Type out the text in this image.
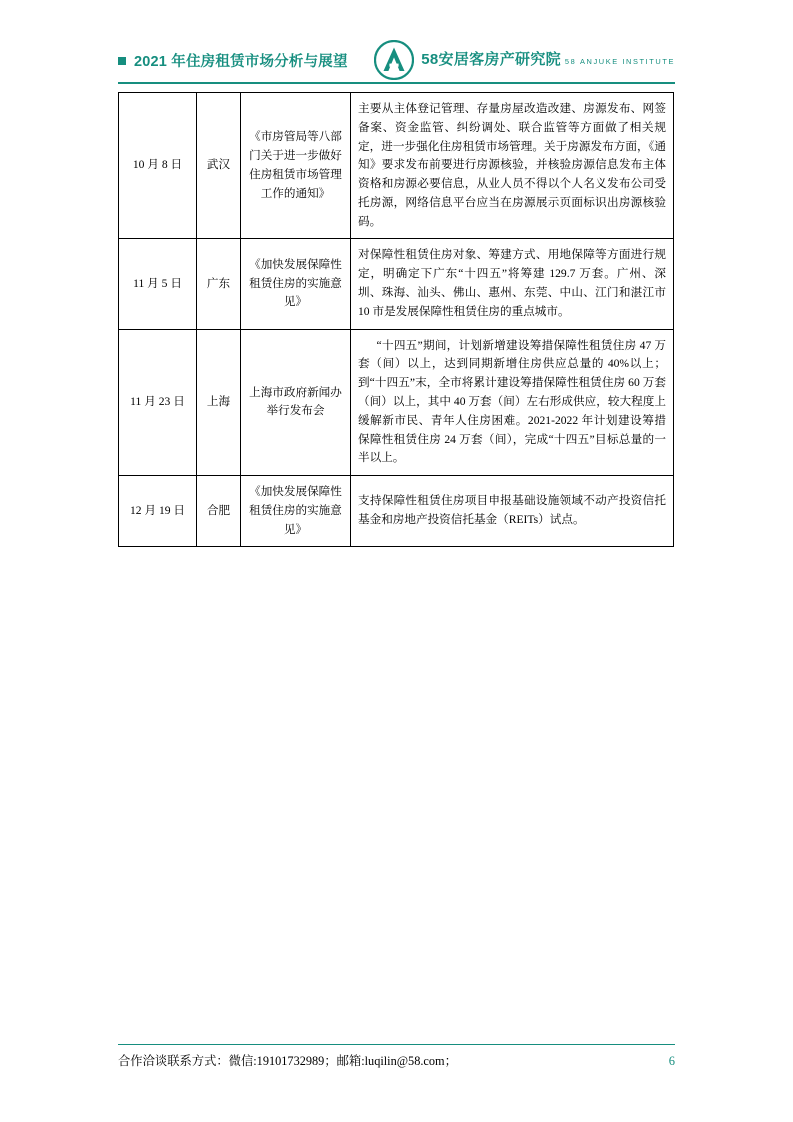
2021 年住房租赁市场分析与展望	58安居客房产研究院 58 ANJUKE INSTITUTE
10 月 8 日	武汉	《市房管局等八部门关于进一步做好住房租赁市场管理工作的通知》	主要从主体登记管理、存量房屋改造改建、房源发布、网签备案、资金监管、纠纷调处、联合监管等方面做了相关规定，进一步强化住房租赁市场管理。关于房源发布方面，《通知》要求发布前要进行房源核验，并核验房源信息发布主体资格和房源必要信息，从业人员不得以个人名义发布公司受托房源，网络信息平台应当在房源展示页面标识出房源核验码。
11 月 5 日	广东	《加快发展保障性租赁住房的实施意见》	对保障性租赁住房对象、筹建方式、用地保障等方面进行规定，明确定下广东“十四五”将筹建 129.7 万套。广州、深圳、珠海、汕头、佛山、惠州、东莞、中山、江门和湛江市 10 市是发展保障性租赁住房的重点城市。
11 月 23 日	上海	上海市政府新闻办举行发布会	“十四五”期间，计划新增建设筹措保障性租赁住房 47 万套（间）以上，达到同期新增住房供应总量的 40%以上；到“十四五”末，全市将累计建设筹措保障性租赁住房 60 万套（间）以上，其中 40 万套（间）左右形成供应，较大程度上缓解新市民、青年人住房困难。2021-2022 年计划建设筹措保障性租赁住房 24 万套（间），完成“十四五”目标总量的一半以上。
12 月 19 日	合肥	《加快发展保障性租赁住房的实施意见》	支持保障性租赁住房项目申报基础设施领域不动产投资信托基金和房地产投资信托基金（REITs）试点。
合作洽谈联系方式：微信:19101732989；邮箱:luqilin@58.com；	6
